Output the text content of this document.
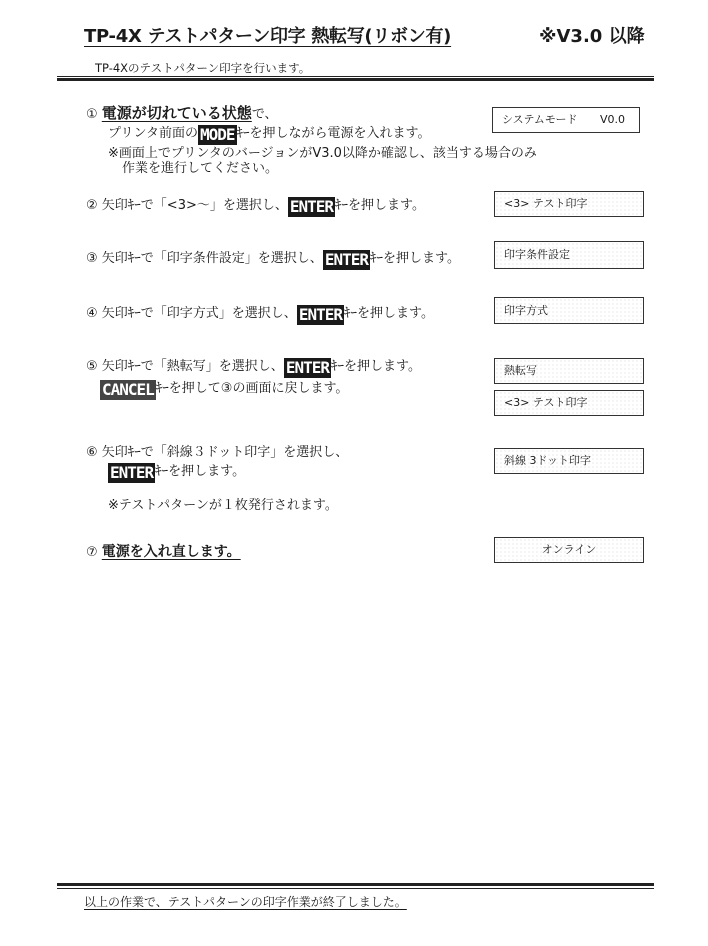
TP-4X テストパターン印字 熱転写(リボン有)	※V3.0 以降
TP-4Xのテストパターン印字を行います。
① 電源が切れている状態で、
プリンタ前面の MODE ｷｰを押しながら電源を入れます。
※画面上でプリンタのバージョンがV3.0以降か確認し、該当する場合のみ
作業を進行してください。
システムモード V0.0
② 矢印ｷｰで「<3>～」を選択し、 ENTER ｷｰを押します。	<3> テスト印字
③ 矢印ｷｰで「印字条件設定」を選択し、 ENTER ｷｰを押します。	印字条件設定
④ 矢印ｷｰで「印字方式」を選択し、 ENTER ｷｰを押します。	印字方式
⑤ 矢印ｷｰで「熱転写」を選択し、 ENTER ｷｰを押します。
CANCEL ｷｰを押して③の画面に戻します。
熱転写
<3> テスト印字
⑥ 矢印ｷｰで「斜線３ドット印字」を選択し、
ENTER ｷｰを押します。
※テストパターンが１枚発行されます。
斜線 3ドット印字
⑦ 電源を入れ直します。	オンライン
以上の作業で、テストパターンの印字作業が終了しました。
